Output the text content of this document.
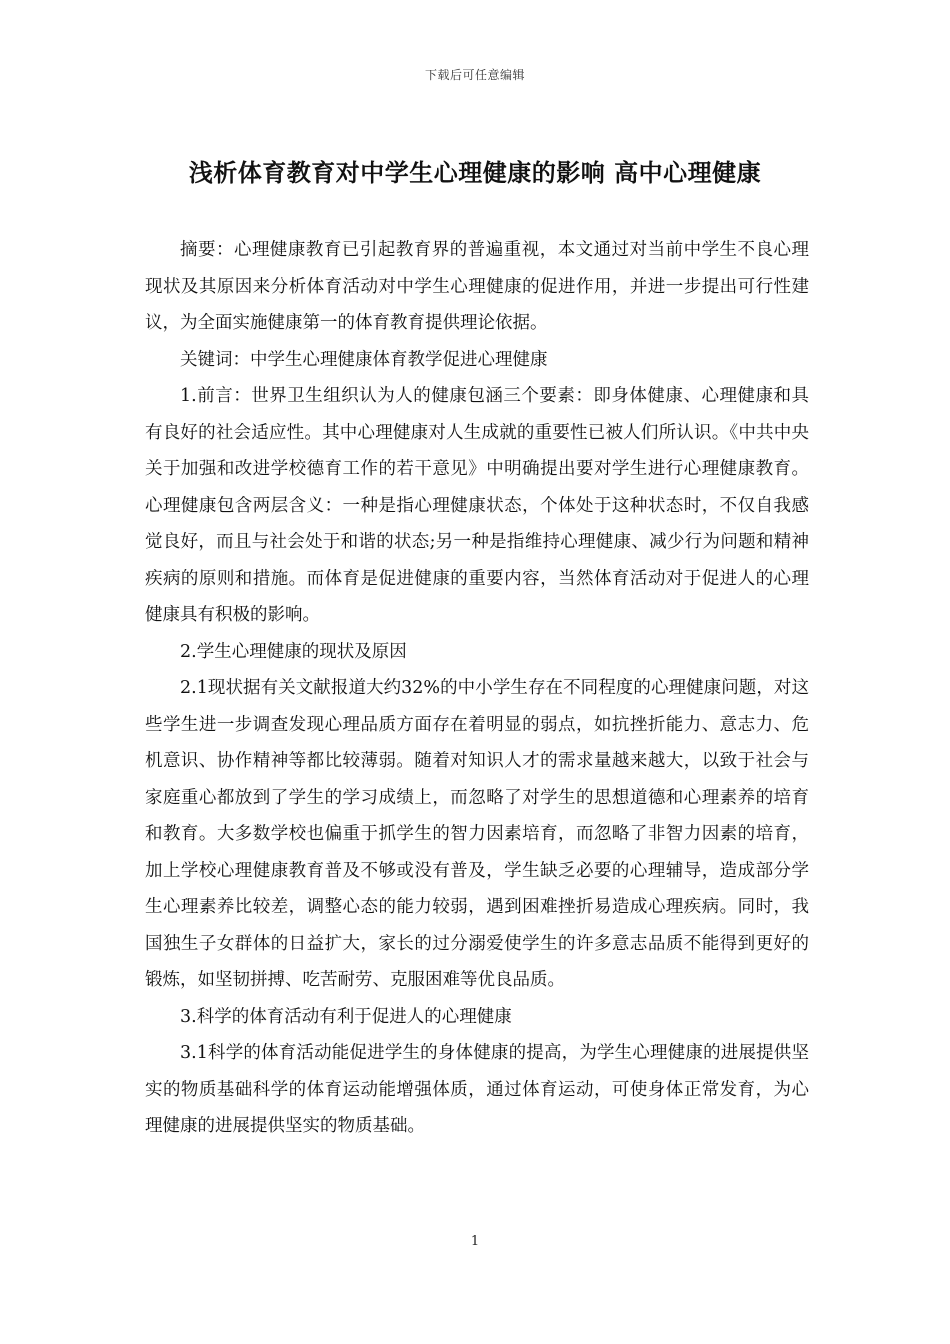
下载后可任意编辑
浅析体育教育对中学生心理健康的影响 高中心理健康

摘要：心理健康教育已引起教育界的普遍重视，本文通过对当前中学生不良心理现状及其原因来分析体育活动对中学生心理健康的促进作用，并进一步提出可行性建议，为全面实施健康第一的体育教育提供理论依据。

关键词：中学生心理健康体育教学促进心理健康

1.前言：世界卫生组织认为人的健康包涵三个要素：即身体健康、心理健康和具有良好的社会适应性。其中心理健康对人生成就的重要性已被人们所认识。《中共中央关于加强和改进学校德育工作的若干意见》中明确提出要对学生进行心理健康教育。心理健康包含两层含义：一种是指心理健康状态，个体处于这种状态时，不仅自我感觉良好，而且与社会处于和谐的状态;另一种是指维持心理健康、减少行为问题和精神疾病的原则和措施。而体育是促进健康的重要内容，当然体育活动对于促进人的心理健康具有积极的影响。

2.学生心理健康的现状及原因

2.1现状据有关文献报道大约32%的中小学生存在不同程度的心理健康问题，对这些学生进一步调查发现心理品质方面存在着明显的弱点，如抗挫折能力、意志力、危机意识、协作精神等都比较薄弱。随着对知识人才的需求量越来越大，以致于社会与家庭重心都放到了学生的学习成绩上，而忽略了对学生的思想道德和心理素养的培育和教育。大多数学校也偏重于抓学生的智力因素培育，而忽略了非智力因素的培育，加上学校心理健康教育普及不够或没有普及，学生缺乏必要的心理辅导，造成部分学生心理素养比较差，调整心态的能力较弱，遇到困难挫折易造成心理疾病。同时，我国独生子女群体的日益扩大，家长的过分溺爱使学生的许多意志品质不能得到更好的锻炼，如坚韧拼搏、吃苦耐劳、克服困难等优良品质。

3.科学的体育活动有利于促进人的心理健康

3.1科学的体育活动能促进学生的身体健康的提高，为学生心理健康的进展提供坚实的物质基础科学的体育运动能增强体质，通过体育运动，可使身体正常发育，为心理健康的进展提供坚实的物质基础。

1
